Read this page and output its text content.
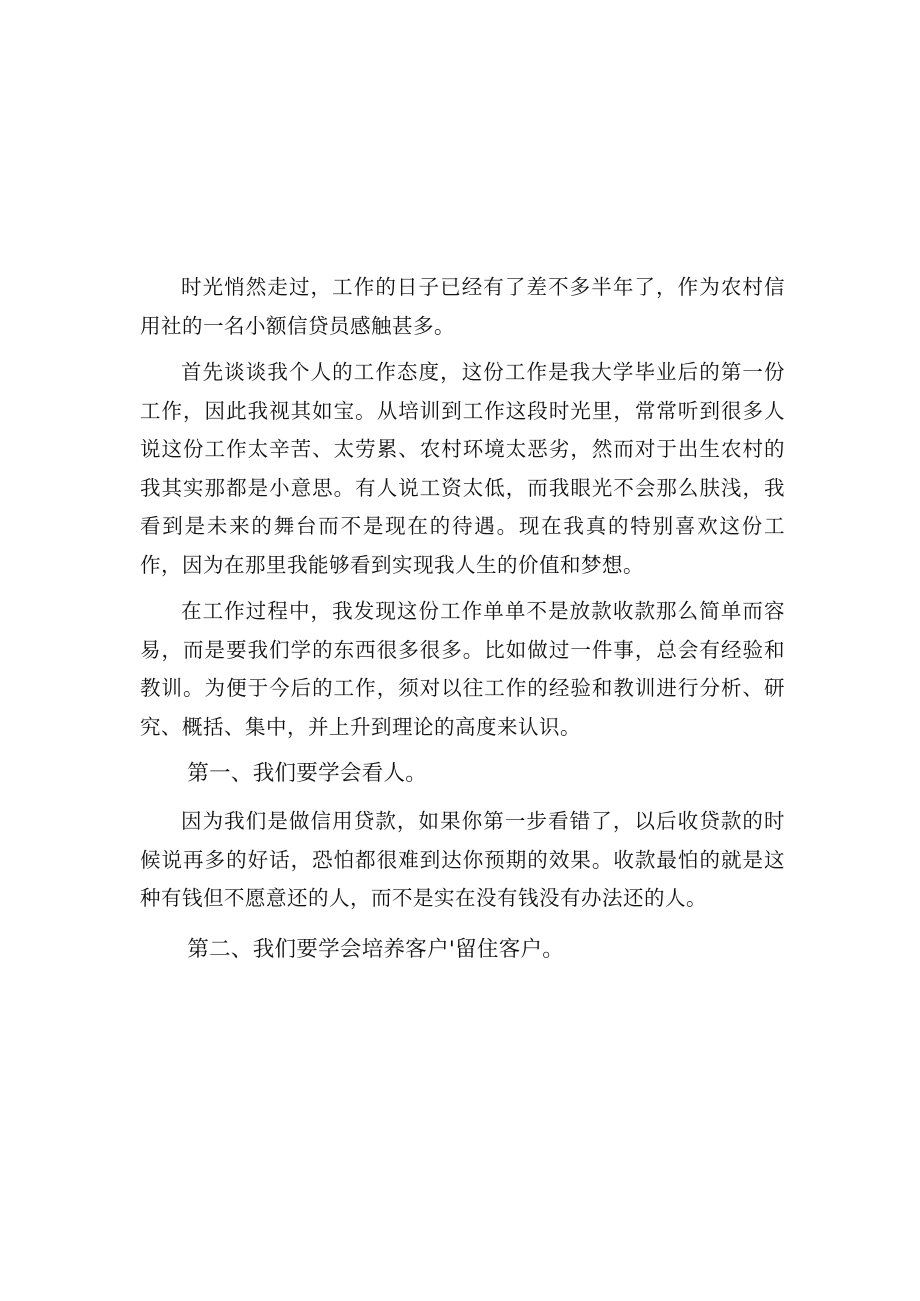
时光悄然走过，工作的日子已经有了差不多半年了，作为农村信用社的一名小额信贷员感触甚多。

首先谈谈我个人的工作态度，这份工作是我大学毕业后的第一份工作，因此我视其如宝。从培训到工作这段时光里，常常听到很多人说这份工作太辛苦、太劳累、农村环境太恶劣，然而对于出生农村的我其实那都是小意思。有人说工资太低，而我眼光不会那么肤浅，我看到是未来的舞台而不是现在的待遇。现在我真的特别喜欢这份工作，因为在那里我能够看到实现我人生的价值和梦想。

在工作过程中，我发现这份工作单单不是放款收款那么简单而容易，而是要我们学的东西很多很多。比如做过一件事，总会有经验和教训。为便于今后的工作，须对以往工作的经验和教训进行分析、研究、概括、集中，并上升到理论的高度来认识。

第一、我们要学会看人。

因为我们是做信用贷款，如果你第一步看错了，以后收贷款的时候说再多的好话，恐怕都很难到达你预期的效果。收款最怕的就是这种有钱但不愿意还的人，而不是实在没有钱没有办法还的人。

第二、我们要学会培养客户'留住客户。
